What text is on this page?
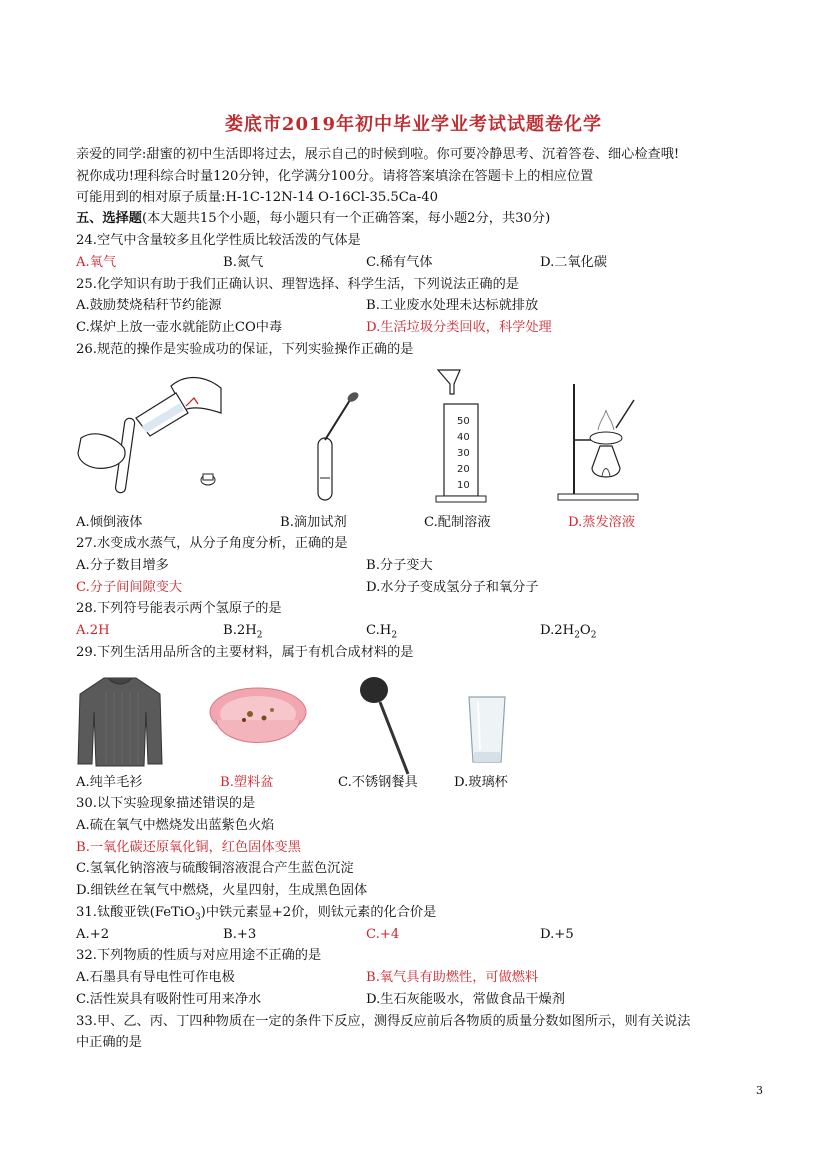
娄底市2019年初中毕业学业考试试题卷化学
亲爱的同学:甜蜜的初中生活即将过去，展示自己的时候到啦。你可要冷静思考、沉着答卷、细心检查哦!
祝你成功!理科综合时量120分钟，化学满分100分。请将答案填涂在答题卡上的相应位置
可能用到的相对原子质量:H-1C-12N-14 O-16Cl-35.5Ca-40
五、选择题(本大题共15个小题，每小题只有一个正确答案，每小题2分，共30分)
24.空气中含量较多且化学性质比较活泼的气体是
A.氧气	B.氮气	C.稀有气体	D.二氧化碳
25.化学知识有助于我们正确认识、理智选择、科学生活，下列说法正确的是
A.鼓励焚烧秸秆节约能源	B.工业废水处理未达标就排放
C.煤炉上放一壶水就能防止CO中毒	D.生活垃圾分类回收，科学处理
26.规范的操作是实验成功的保证，下列实验操作正确的是
50
40
30
20
10
A.倾倒液体	B.滴加试剂	C.配制溶液	D.蒸发溶液
27.水变成水蒸气，从分子角度分析，正确的是
A.分子数目增多	B.分子变大
C.分子间间隙变大	D.水分子变成氢分子和氧分子
28.下列符号能表示两个氢原子的是
A.2H	$B.2H_2$	$C.H_2$	$D.2H_2O_2$
29.下列生活用品所含的主要材料，属于有机合成材料的是
A.纯羊毛衫	B.塑料盆	C.不锈钢餐具	D.玻璃杯
30.以下实验现象描述错误的是
A.硫在氧气中燃烧发出蓝紫色火焰
B.一氧化碳还原氧化铜，红色固体变黑
C.氢氧化钠溶液与硫酸铜溶液混合产生蓝色沉淀
D.细铁丝在氧气中燃烧，火星四射，生成黑色固体
31.钛酸亚铁(FeTiO$_3$)中铁元素显+2价，则钛元素的化合价是
A.+2	B.+3	C.+4	D.+5
32.下列物质的性质与对应用途不正确的是
A.石墨具有导电性可作电极	B.氧气具有助燃性，可做燃料
C.活性炭具有吸附性可用来净水	D.生石灰能吸水，常做食品干燥剂
33.甲、乙、丙、丁四种物质在一定的条件下反应，测得反应前后各物质的质量分数如图所示，则有关说法
中正确的是
3
